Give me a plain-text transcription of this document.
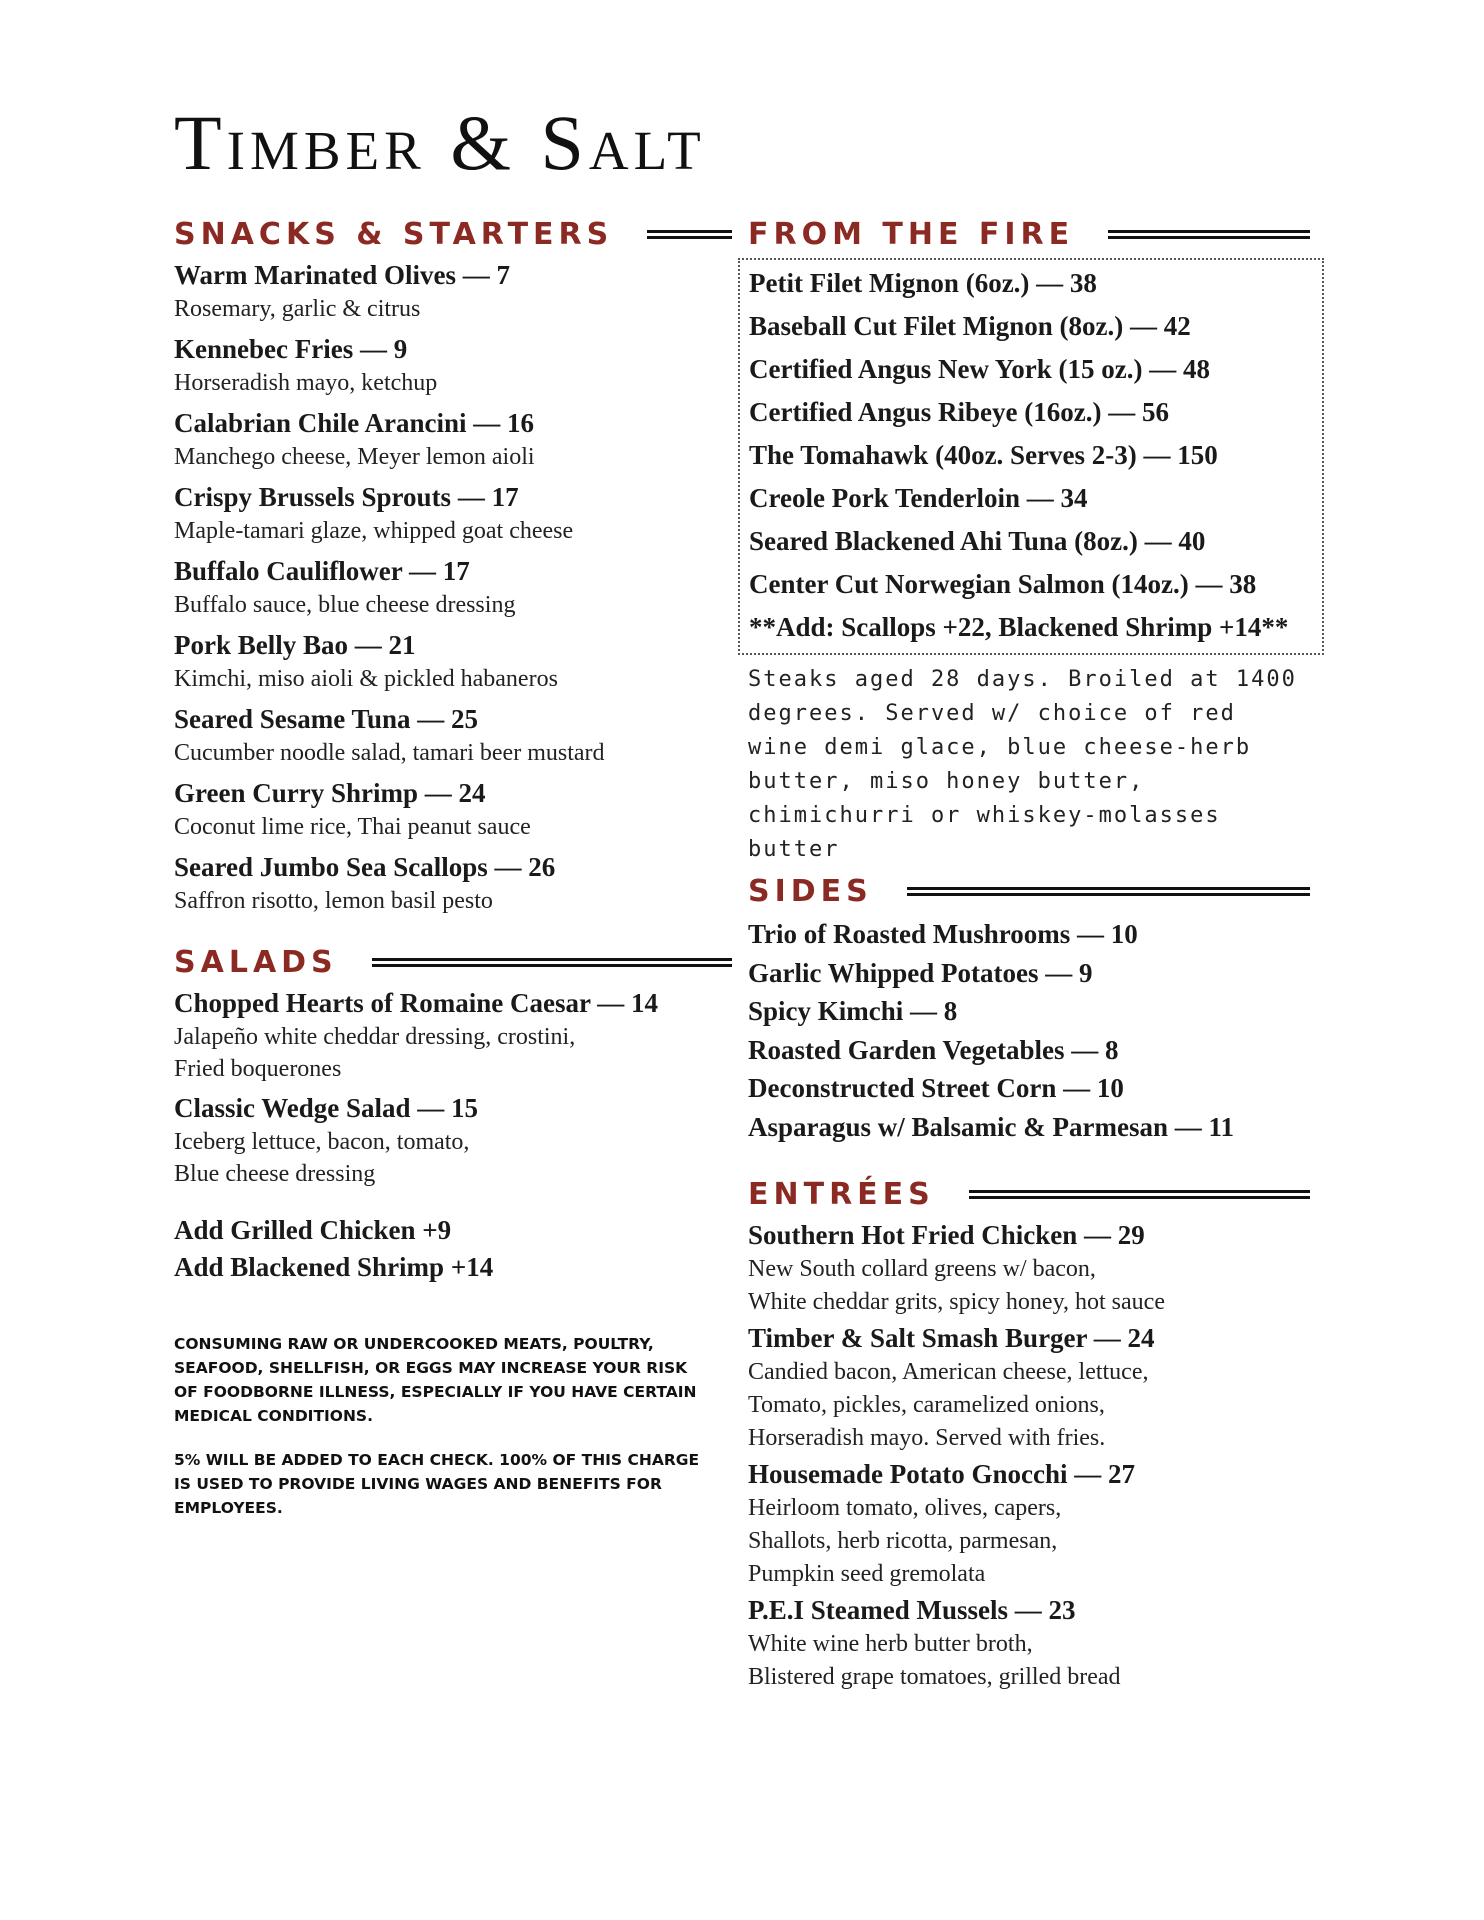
Timber & Salt
SNACKS & STARTERS
Warm Marinated Olives — 7
Rosemary, garlic & citrus
Kennebec Fries — 9
Horseradish mayo, ketchup
Calabrian Chile Arancini — 16
Manchego cheese, Meyer lemon aioli
Crispy Brussels Sprouts — 17
Maple-tamari glaze, whipped goat cheese
Buffalo Cauliflower — 17
Buffalo sauce, blue cheese dressing
Pork Belly Bao — 21
Kimchi, miso aioli & pickled habaneros
Seared Sesame Tuna — 25
Cucumber noodle salad, tamari beer mustard
Green Curry Shrimp — 24
Coconut lime rice, Thai peanut sauce
Seared Jumbo Sea Scallops — 26
Saffron risotto, lemon basil pesto
SALADS
Chopped Hearts of Romaine Caesar — 14
Jalapeño white cheddar dressing, crostini,
Fried boquerones
Classic Wedge Salad — 15
Iceberg lettuce, bacon, tomato,
Blue cheese dressing
Add Grilled Chicken +9
Add Blackened Shrimp +14
CONSUMING RAW OR UNDERCOOKED MEATS, POULTRY, SEAFOOD, SHELLFISH, OR EGGS MAY INCREASE YOUR RISK OF FOODBORNE ILLNESS, ESPECIALLY IF YOU HAVE CERTAIN MEDICAL CONDITIONS.
5% WILL BE ADDED TO EACH CHECK. 100% OF THIS CHARGE IS USED TO PROVIDE LIVING WAGES AND BENEFITS FOR EMPLOYEES.
FROM THE FIRE
Petit Filet Mignon (6oz.) — 38
Baseball Cut Filet Mignon (8oz.) — 42
Certified Angus New York (15 oz.) — 48
Certified Angus Ribeye (16oz.) — 56
The Tomahawk (40oz. Serves 2-3) — 150
Creole Pork Tenderloin — 34
Seared Blackened Ahi Tuna (8oz.) — 40
Center Cut Norwegian Salmon (14oz.) — 38
**Add: Scallops +22, Blackened Shrimp +14**
Steaks aged 28 days. Broiled at 1400 degrees. Served w/ choice of red wine demi glace, blue cheese-herb butter, miso honey butter, chimichurri or whiskey-molasses butter
SIDES
Trio of Roasted Mushrooms — 10
Garlic Whipped Potatoes — 9
Spicy Kimchi — 8
Roasted Garden Vegetables — 8
Deconstructed Street Corn — 10
Asparagus w/ Balsamic & Parmesan — 11
ENTRÉES
Southern Hot Fried Chicken — 29
New South collard greens w/ bacon,
White cheddar grits, spicy honey, hot sauce
Timber & Salt Smash Burger — 24
Candied bacon, American cheese, lettuce,
Tomato, pickles, caramelized onions,
Horseradish mayo. Served with fries.
Housemade Potato Gnocchi — 27
Heirloom tomato, olives, capers,
Shallots, herb ricotta, parmesan,
Pumpkin seed gremolata
P.E.I Steamed Mussels — 23
White wine herb butter broth,
Blistered grape tomatoes, grilled bread
